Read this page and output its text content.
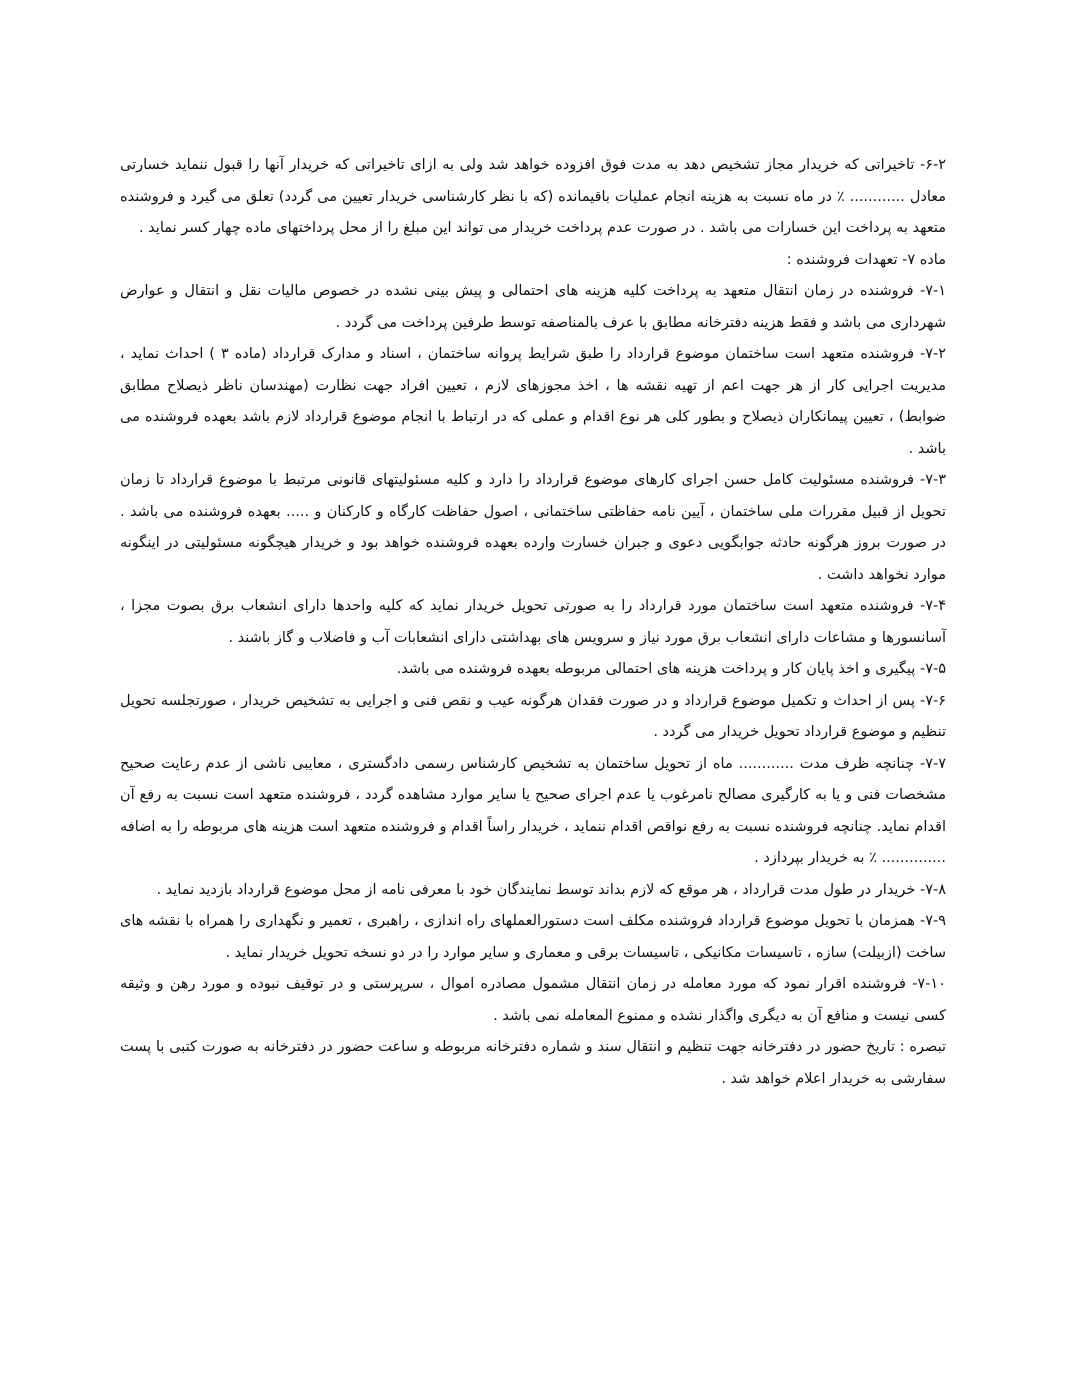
۶-۲- تاخیراتی که خریدار مجاز تشخیص دهد به مدت فوق افزوده خواهد شد ولی به ازای تاخیراتی که خریدار آنها را قبول ننماید خسارتی معادل ............ ٪ در ماه نسبت به هزینه انجام عملیات باقیمانده (که با نظر کارشناسی خریدار تعیین می گردد) تعلق می گیرد و فروشنده متعهد به پرداخت این خسارات می باشد . در صورت عدم پرداخت خریدار می تواند این مبلغ را از محل پرداختهای ماده چهار کسر نماید .

ماده ۷- تعهدات فروشنده :

۷-۱- فروشنده در زمان انتقال متعهد به پرداخت کلیه هزینه های احتمالی و پیش بینی نشده در خصوص مالیات نقل و انتقال و عوارض شهرداری می باشد و فقط هزینه دفترخانه مطابق با عرف بالمناصفه توسط طرفین پرداخت می گردد .

۷-۲- فروشنده متعهد است ساختمان موضوع قرارداد را طبق شرایط پروانه ساختمان ، اسناد و مدارک قرارداد (ماده ۳ ) احداث نماید ، مدیریت اجرایی کار از هر جهت اعم از تهیه نقشه ها ، اخذ مجوزهای لازم ، تعیین افراد جهت نظارت (مهندسان ناظر ذیصلاح مطابق ضوابط) ، تعیین پیمانکاران ذیصلاح و بطور کلی هر نوع اقدام و عملی که در ارتباط با انجام موضوع قرارداد لازم باشد بعهده فروشنده می باشد .

۷-۳- فروشنده مسئولیت کامل حسن اجرای کارهای موضوع قرارداد را دارد و کلیه مسئولیتهای قانونی مرتبط با موضوع قرارداد تا زمان تحویل از قبیل مقررات ملی ساختمان ، آیین نامه حفاظتی ساختمانی ، اصول حفاظت کارگاه و کارکنان و ..... بعهده فروشنده می باشد . در صورت بروز هرگونه حادثه جوابگویی دعوی و جبران خسارت وارده بعهده فروشنده خواهد بود و خریدار هیچگونه مسئولیتی در اینگونه موارد نخواهد داشت .

۷-۴- فروشنده متعهد است ساختمان مورد قرارداد را به صورتی تحویل خریدار نماید که کلیه واحدها دارای انشعاب برق بصوت مجزا ، آسانسورها و مشاعات دارای انشعاب برق مورد نیاز و سرویس های بهداشتی دارای انشعابات آب و فاضلاب و گاز باشند .

۷-۵- پیگیری و اخذ پایان کار و پرداخت هزینه های احتمالی مربوطه بعهده فروشنده می باشد.

۷-۶- پس از احداث و تکمیل موضوع قرارداد و در صورت فقدان هرگونه عیب و نقص فنی و اجرایی به تشخیص خریدار ، صورتجلسه تحویل تنظیم و موضوع قرارداد تحویل خریدار می گردد .

۷-۷- چنانچه ظرف مدت ............ ماه از تحویل ساختمان به تشخیص کارشناس رسمی دادگستری ، معایبی ناشی از عدم رعایت صحیح مشخصات فنی و یا به کارگیری مصالح نامرغوب یا عدم اجرای صحیح یا سایر موارد مشاهده گردد ، فروشنده متعهد است نسبت به رفع آن اقدام نماید. چنانچه فروشنده نسبت به رفع نواقص اقدام ننماید ، خریدار راساً اقدام و فروشنده متعهد است هزینه های مربوطه را به اضافه .............. ٪ به خریدار بپردازد .

۷-۸- خریدار در طول مدت قرارداد ، هر موقع که لازم بداند توسط نمایندگان خود با معرفی نامه از محل موضوع قرارداد بازدید نماید .

۷-۹- همزمان با تحویل موضوع قرارداد فروشنده مکلف است دستورالعملهای راه اندازی ، راهبری ، تعمیر و نگهداری را همراه با نقشه های ساخت (ازبیلت) سازه ، تاسیسات مکانیکی ، تاسیسات برقی و معماری و سایر موارد را در دو نسخه تحویل خریدار نماید .

۷-۱۰- فروشنده اقرار نمود که مورد معامله در زمان انتقال مشمول مصادره اموال ، سرپرستی و در توقیف نبوده و مورد رهن و وثیقه کسی نیست و منافع آن به دیگری واگذار نشده و ممنوع المعامله نمی باشد .

تبصره : تاریخ حضور در دفترخانه جهت تنظیم و انتقال سند و شماره دفترخانه مربوطه و ساعت حضور در دفترخانه به صورت کتبی با پست سفارشی به خریدار اعلام خواهد شد .
